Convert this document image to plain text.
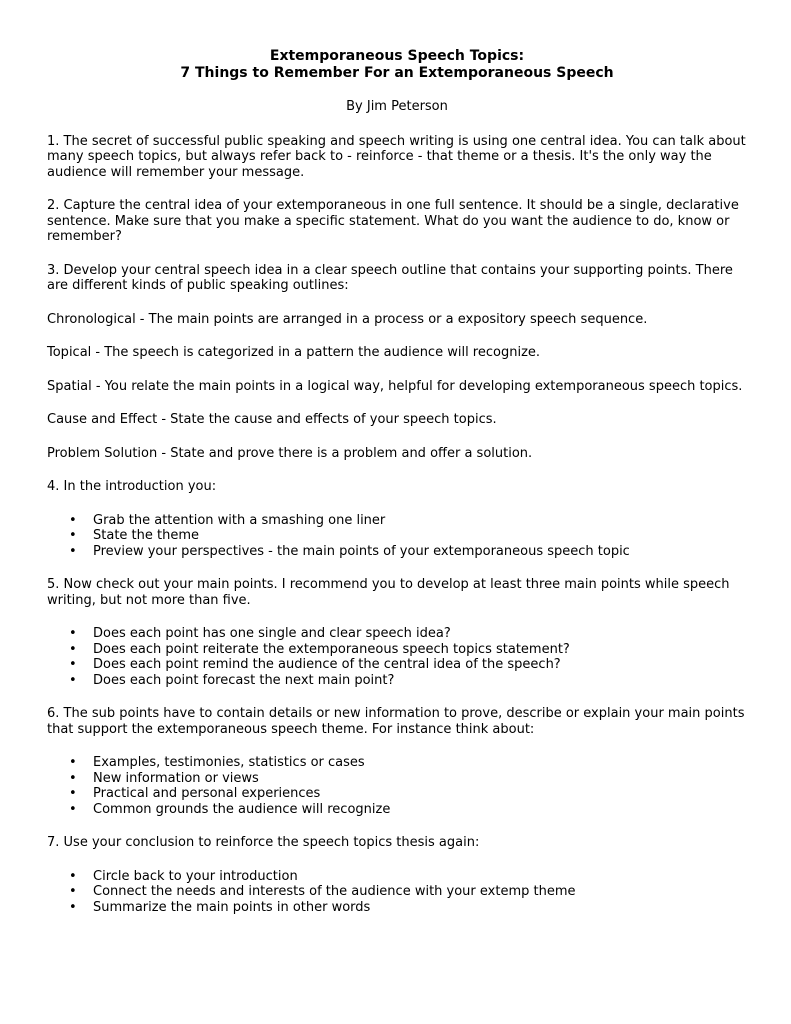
Extemporaneous Speech Topics:
7 Things to Remember For an Extemporaneous Speech
By Jim Peterson

1. The secret of successful public speaking and speech writing is using one central idea. You can talk about many speech topics, but always refer back to - reinforce - that theme or a thesis. It's the only way the audience will remember your message.

2. Capture the central idea of your extemporaneous in one full sentence. It should be a single, declarative sentence. Make sure that you make a specific statement. What do you want the audience to do, know or remember?

3. Develop your central speech idea in a clear speech outline that contains your supporting points. There are different kinds of public speaking outlines:

Chronological - The main points are arranged in a process or a expository speech sequence.

Topical - The speech is categorized in a pattern the audience will recognize.

Spatial - You relate the main points in a logical way, helpful for developing extemporaneous speech topics.

Cause and Effect - State the cause and effects of your speech topics.

Problem Solution - State and prove there is a problem and offer a solution.

4. In the introduction you:

• Grab the attention with a smashing one liner
• State the theme
• Preview your perspectives - the main points of your extemporaneous speech topic

5. Now check out your main points. I recommend you to develop at least three main points while speech writing, but not more than five.

• Does each point has one single and clear speech idea?
• Does each point reiterate the extemporaneous speech topics statement?
• Does each point remind the audience of the central idea of the speech?
• Does each point forecast the next main point?

6. The sub points have to contain details or new information to prove, describe or explain your main points that support the extemporaneous speech theme. For instance think about:

• Examples, testimonies, statistics or cases
• New information or views
• Practical and personal experiences
• Common grounds the audience will recognize

7. Use your conclusion to reinforce the speech topics thesis again:

• Circle back to your introduction
• Connect the needs and interests of the audience with your extemp theme
• Summarize the main points in other words
